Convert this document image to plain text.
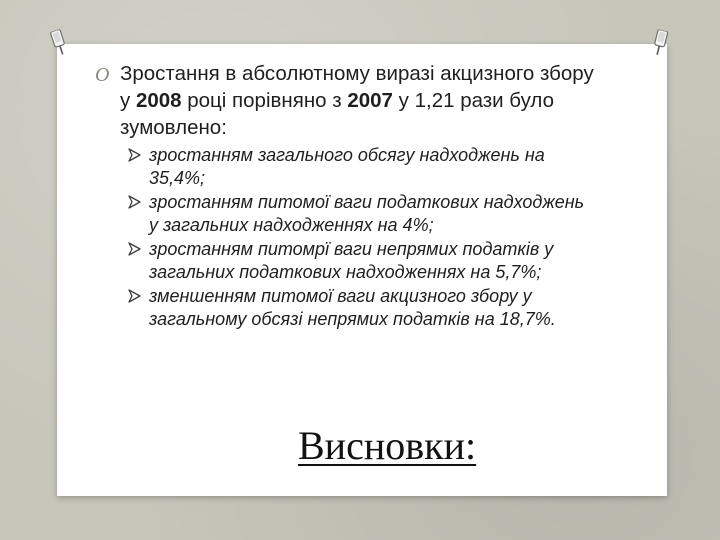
O Зростання в абсолютному виразі акцизного збору у 2008 році порівняно з 2007 у 1,21 рази було зумовлено:
зростанням загального обсягу надходжень на 35,4%;
зростанням питомої ваги податкових надходжень у загальних надходженнях на 4%;
зростанням питомрї ваги непрямих податків у загальних податкових надходженнях на 5,7%;
зменшенням питомої ваги акцизного збору у загальному обсязі непрямих податків на 18,7%.
Висновки:
